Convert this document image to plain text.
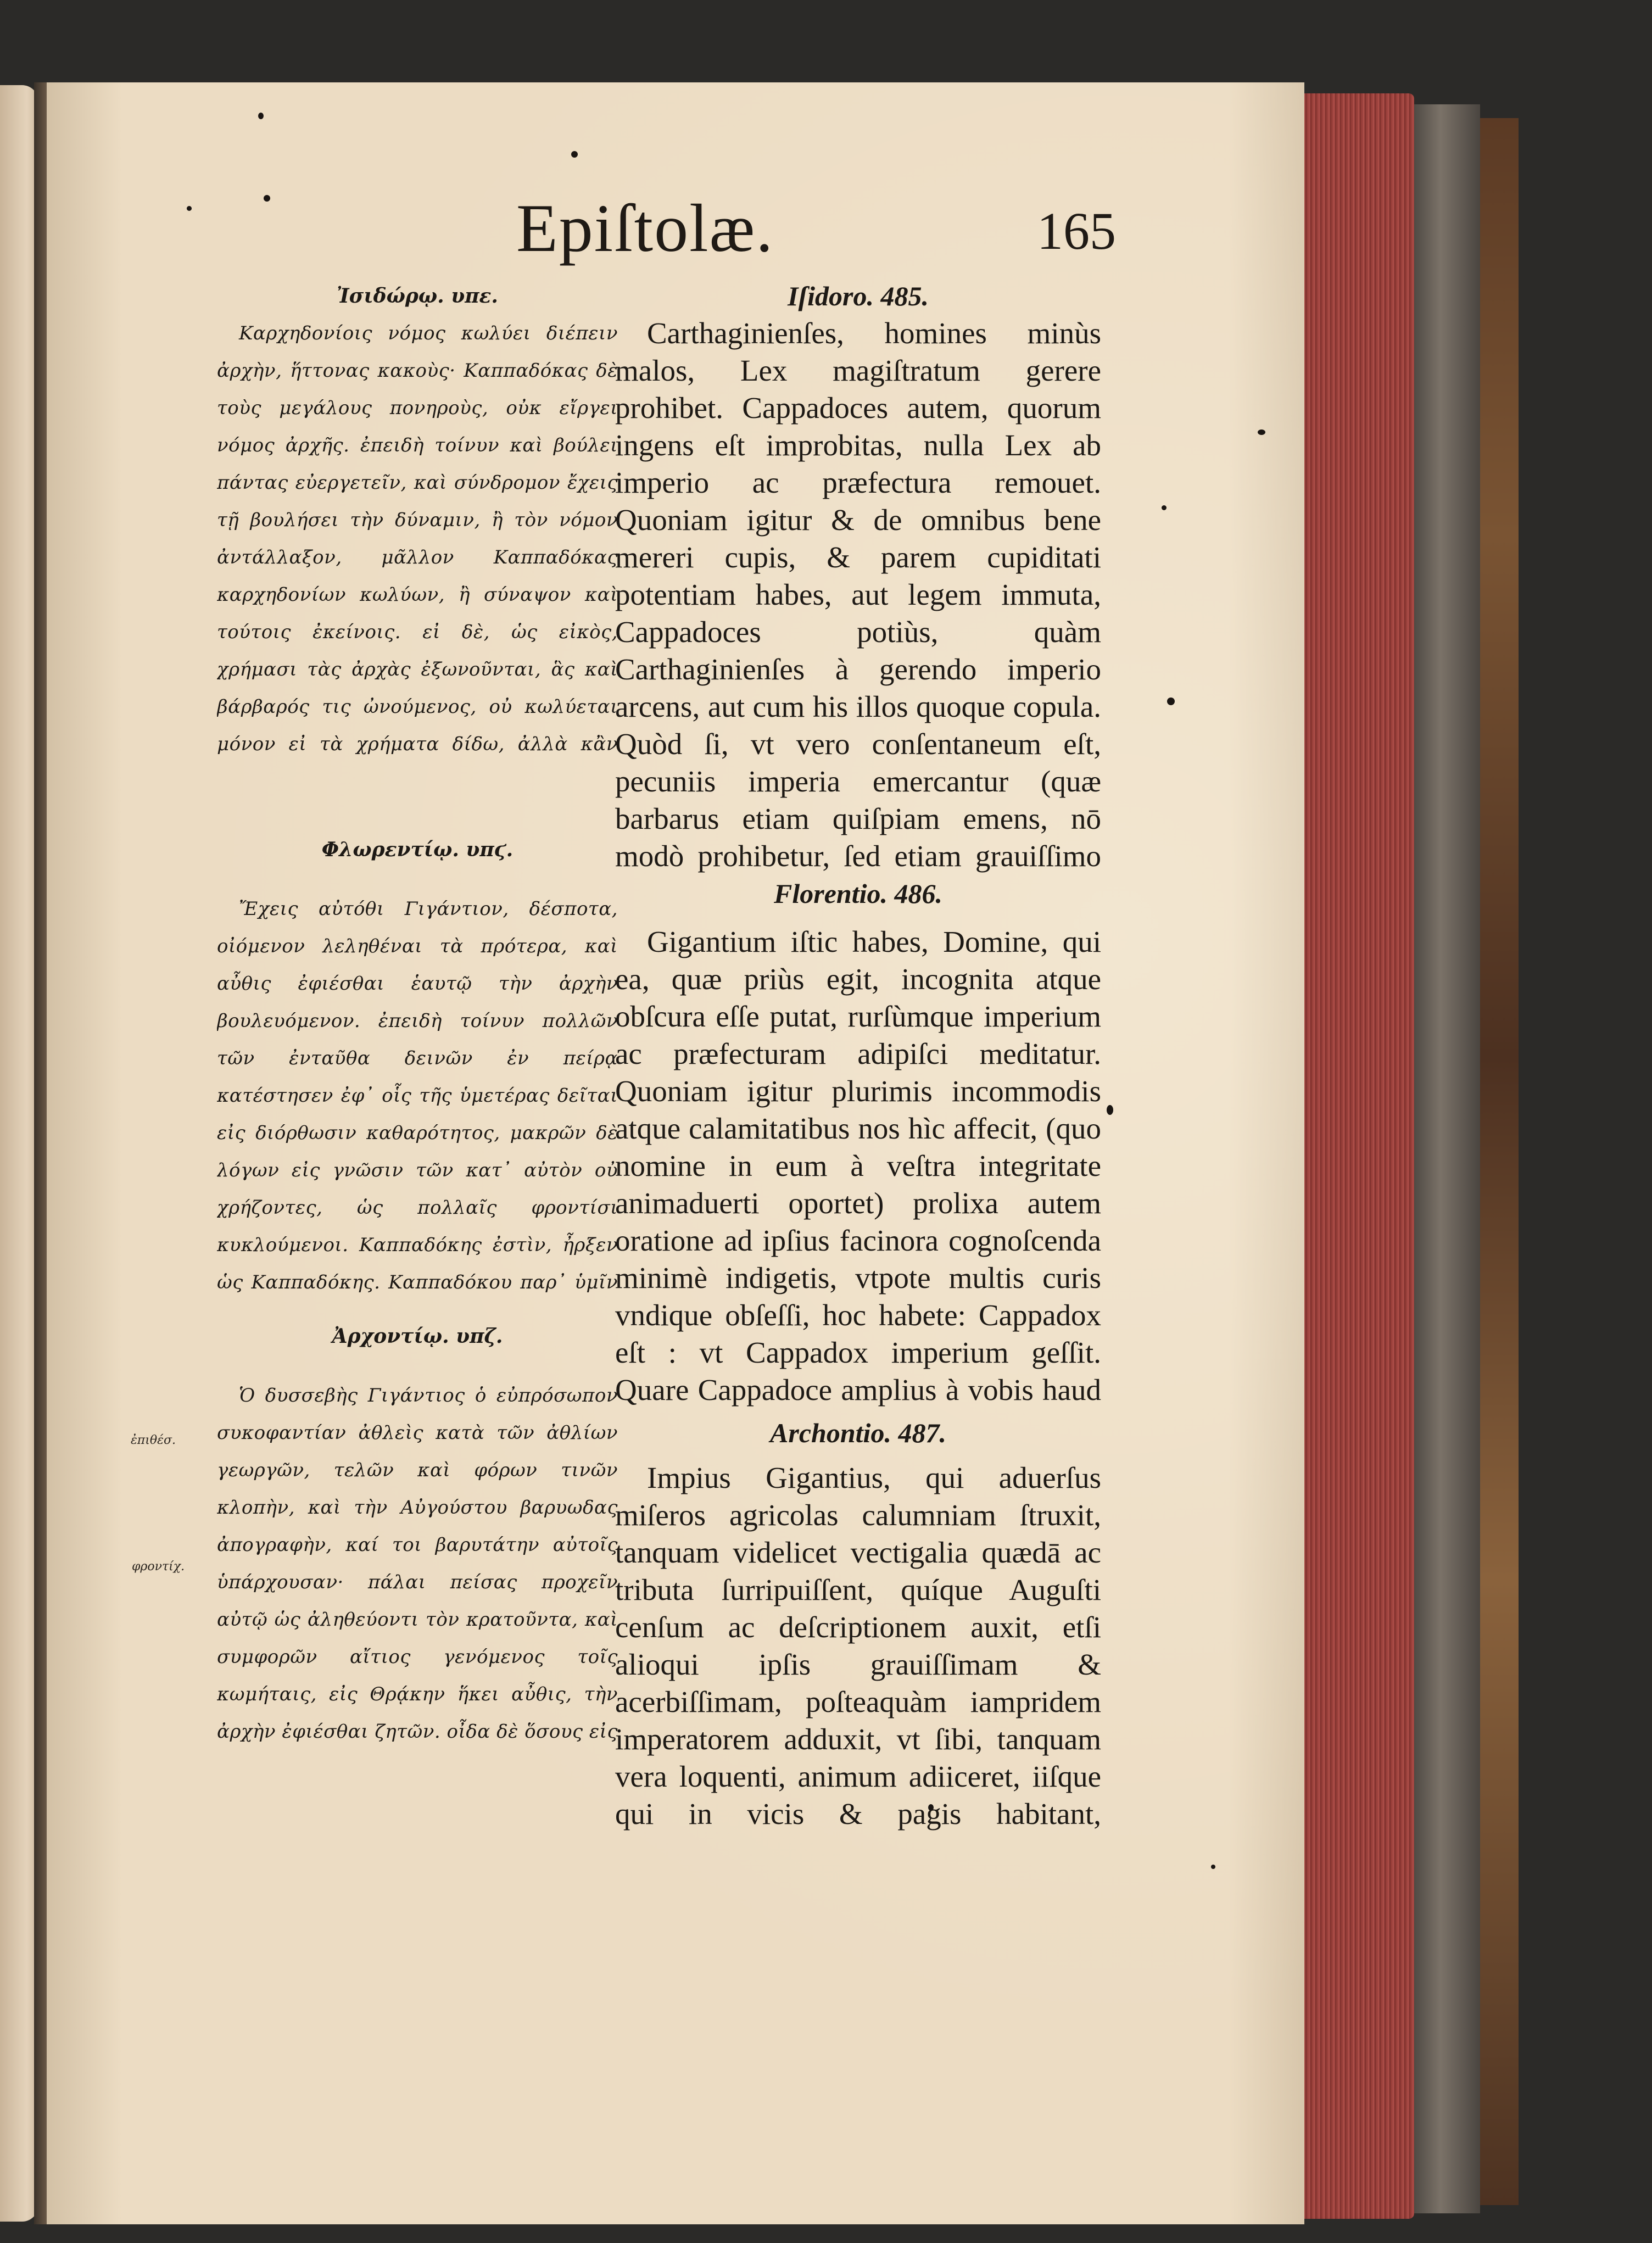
Epiſtolæ.	165
Ἰσιδώρῳ. υπε.

Καρχηδονίοις νόμος κωλύει διέπειν ἀρχὴν, ἥττονας κακοὺς· Καππαδόκας δὲ τοὺς μεγάλους πονηροὺς, οὐκ εἴργει νόμος ἀρχῆς. ἐπειδὴ τοίνυν καὶ βούλει πάντας εὐεργετεῖν, καὶ σύνδρομον ἔχεις τῇ βουλήσει τὴν δύναμιν, ἢ τὸν νόμον ἀντάλλαξον, μᾶλλον Καππαδόκας καρχηδονίων κωλύων, ἢ σύναψον καὶ τούτοις ἐκείνοις. εἰ δὲ, ὡς εἰκὸς, χρήμασι τὰς ἀρχὰς ἐξωνοῦνται, ἃς καὶ βάρβαρός τις ὠνούμενος, οὐ κωλύεται μόνον εἰ τὰ χρήματα δίδω, ἀλλὰ κἂν

Φλωρεντίῳ. υπϛ.

Ἔχεις αὐτόθι Γιγάντιον, δέσποτα, οἰόμενον λεληθέναι τὰ πρότερα, καὶ αὖθις ἐφιέσθαι ἑαυτῷ τὴν ἀρχὴν βουλευόμενον. ἐπειδὴ τοίνυν πολλῶν τῶν ἐνταῦθα δεινῶν ἐν πείρᾳ κατέστησεν ἐφ᾽ οἷς τῆς ὑμετέρας δεῖται εἰς διόρθωσιν καθαρότητος, μακρῶν δὲ λόγων εἰς γνῶσιν τῶν κατ᾽ αὐτὸν οὐ χρήζοντες, ὡς πολλαῖς φροντίσι κυκλούμενοι. Καππαδόκης ἐστὶν, ἦρξεν ὡς Καππαδόκης. Καππαδόκου παρ᾽ ὑμῖν

Ἀρχοντίῳ. υπζ.

Ὁ δυσσεβὴς Γιγάντιος ὁ εὐπρόσωπον συκοφαντίαν ἀθλεὶς κατὰ τῶν ἀθλίων γεωργῶν, τελῶν καὶ φόρων τινῶν κλοπὴν, καὶ τὴν Αὐγούστου βαρυωδας ἀπογραφὴν, καί τοι βαρυτάτην αὐτοῖς ὑπάρχουσαν· πάλαι πείσας προχεῖν αὐτῷ ὡς ἀληθεύοντι τὸν κρατοῦντα, καὶ συμφορῶν αἴτιος γενόμενος τοῖς κωμήταις, εἰς Θρᾴκην ἥκει αὖθις, τὴν ἀρχὴν ἐφιέσθαι ζητῶν. οἶδα δὲ ὅσους εἰς

ἐπιθέσ.
φροντίχ.
Iſidoro. 485.

Carthaginienſes, homines minùs malos, Lex magiſtratum gerere prohibet. Cappadoces autem, quorum ingens eſt improbitas, nulla Lex ab imperio ac præfectura remouet. Quoniam igitur & de omnibus bene mereri cupis, & parem cupiditati potentiam habes, aut legem immuta, Cappadoces potiùs, quàm Carthaginienſes à gerendo imperio arcens, aut cum his illos quoque copula. Quòd ſi, vt vero conſentaneum eſt, pecuniis imperia emercantur (quæ barbarus etiam quiſpiam emens, nō modò prohibetur, ſed etiam grauiſſimo

Florentio. 486.

Gigantium iſtic habes, Domine, qui ea, quæ priùs egit, incognita atque obſcura eſſe putat, rurſùmque imperium ac præfecturam adipiſci meditatur. Quoniam igitur plurimis incommodis atque calamitatibus nos hìc affecit, (quo nomine in eum à veſtra integritate animaduerti oportet) prolixa autem oratione ad ipſius facinora cognoſcenda minimè indigetis, vtpote multis curis vndique obſeſſi, hoc habete: Cappadox eſt : vt Cappadox imperium geſſit. Quare Cappadoce amplius à vobis haud

Archontio. 487.

Impius Gigantius, qui aduerſus miſeros agricolas calumniam ſtruxit, tanquam videlicet vectigalia quædā ac tributa ſurripuiſſent, quíque Auguſti cenſum ac deſcriptionem auxit, etſi alioqui ipſis grauiſſimam & acerbiſſimam, poſteaquàm iampridem imperatorem adduxit, vt ſibi, tanquam vera loquenti, animum adiiceret, iiſque qui in vicis & pagis habitant,
